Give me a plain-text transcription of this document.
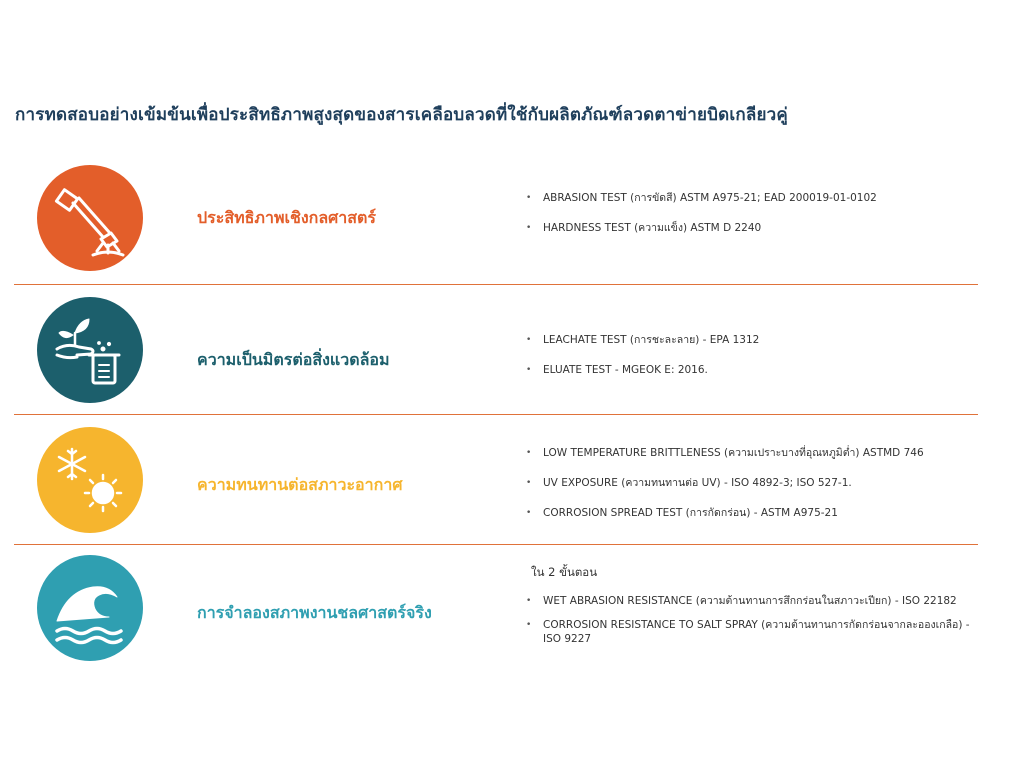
การทดสอบอย่างเข้มข้นเพื่อประสิทธิภาพสูงสุดของสารเคลือบลวดที่ใช้กับผลิตภัณฑ์ลวดตาข่ายบิดเกลียวคู่
ประสิทธิภาพเชิงกลศาสตร์
• ABRASION TEST (การขัดสี) ASTM A975-21; EAD 200019-01-0102
• HARDNESS TEST (ความแข็ง) ASTM D 2240
ความเป็นมิตรต่อสิ่งแวดล้อม
• LEACHATE TEST (การชะละลาย) - EPA 1312
• ELUATE TEST - MGEOK E: 2016.
ความทนทานต่อสภาวะอากาศ
• LOW TEMPERATURE BRITTLENESS (ความเปราะบางที่อุณหภูมิต่ำ) ASTMD 746
• UV EXPOSURE (ความทนทานต่อ UV) - ISO 4892-3; ISO 527-1.
• CORROSION SPREAD TEST (การกัดกร่อน) - ASTM A975-21
การจำลองสภาพงานชลศาสตร์จริง
ใน 2 ขั้นตอน
• WET ABRASION RESISTANCE (ความต้านทานการสึกกร่อนในสภาวะเปียก) - ISO 22182
• CORROSION RESISTANCE TO SALT SPRAY (ความต้านทานการกัดกร่อนจากละอองเกลือ) - ISO 9227
